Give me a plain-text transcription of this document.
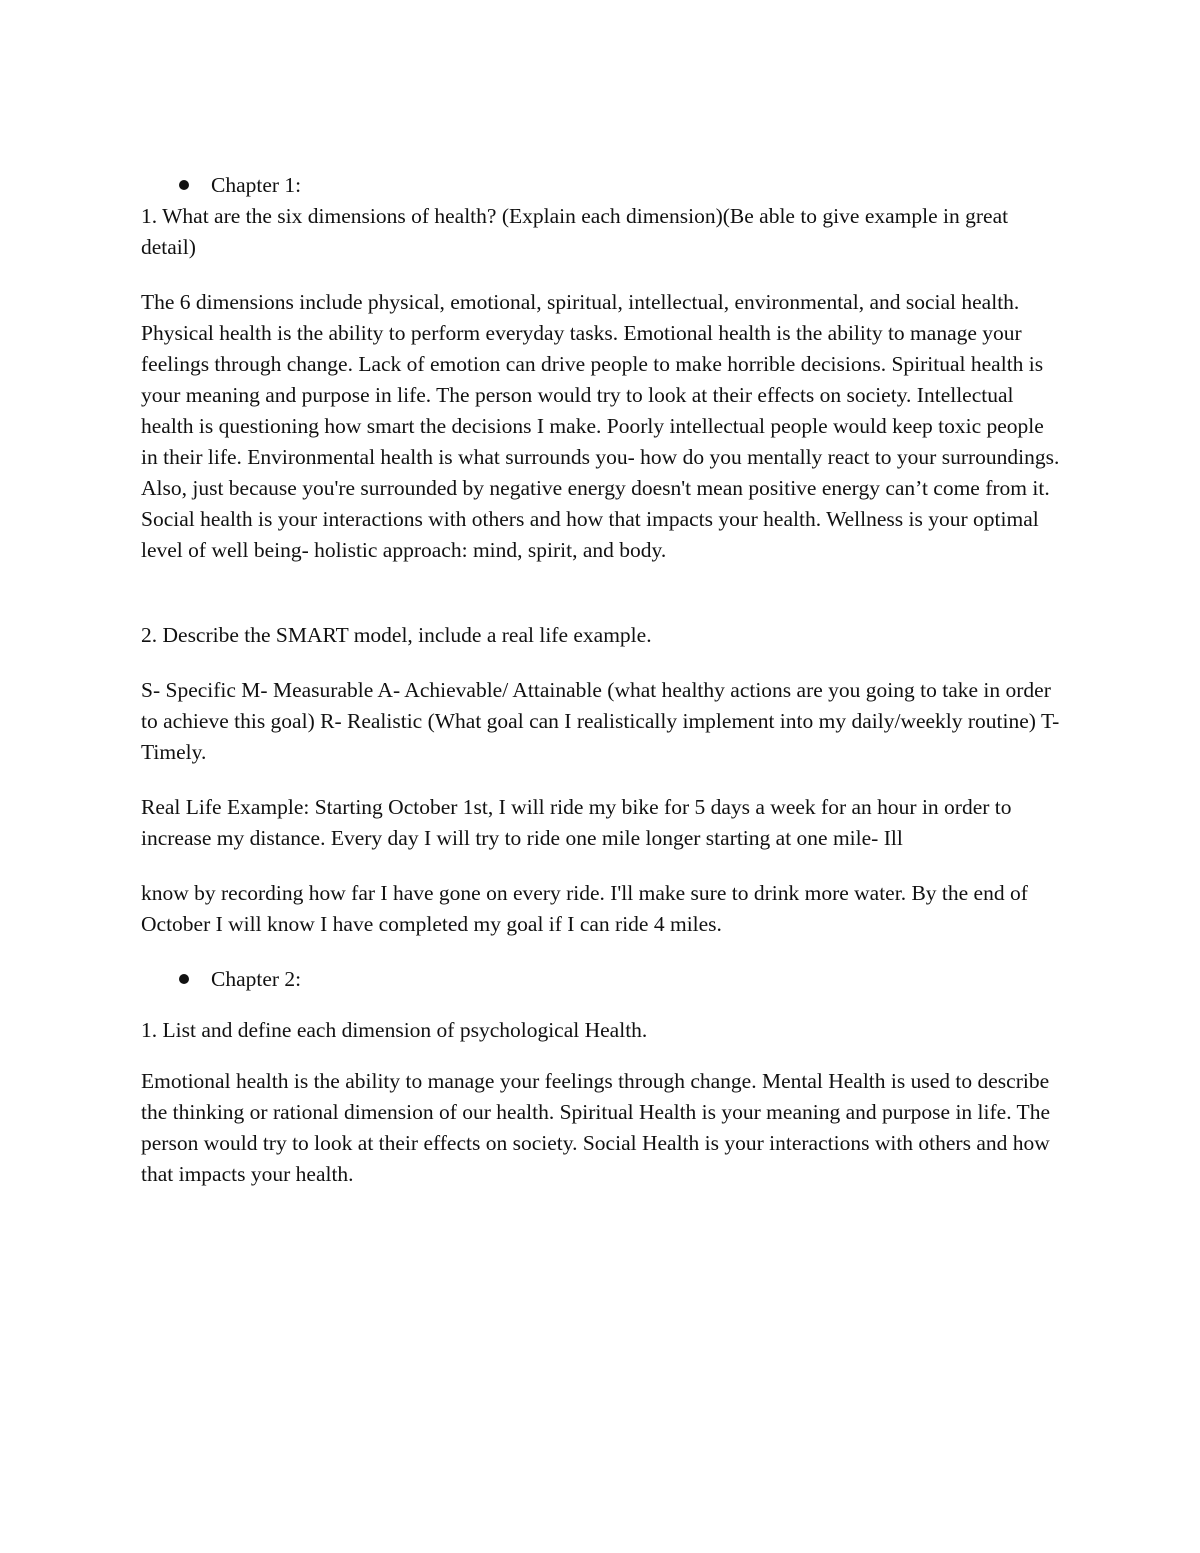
Chapter 1:

1. What are the six dimensions of health? (Explain each dimension)(Be able to give example in great detail)

The 6 dimensions include physical, emotional, spiritual, intellectual, environmental, and social health. Physical health is the ability to perform everyday tasks. Emotional health is the ability to manage your feelings through change. Lack of emotion can drive people to make horrible decisions. Spiritual health is your meaning and purpose in life. The person would try to look at their effects on society. Intellectual health is questioning how smart the decisions I make. Poorly intellectual people would keep toxic people in their life. Environmental health is what surrounds you- how do you mentally react to your surroundings. Also, just because you're surrounded by negative energy doesn't mean positive energy can’t come from it. Social health is your interactions with others and how that impacts your health. Wellness is your optimal level of well being- holistic approach: mind, spirit, and body.

2. Describe the SMART model, include a real life example.

S- Specific M- Measurable A- Achievable/ Attainable (what healthy actions are you going to take in order to achieve this goal) R- Realistic (What goal can I realistically implement into my daily/weekly routine) T- Timely.

Real Life Example: Starting October 1st, I will ride my bike for 5 days a week for an hour in order to increase my distance. Every day I will try to ride one mile longer starting at one mile- Ill

know by recording how far I have gone on every ride. I'll make sure to drink more water. By the end of October I will know I have completed my goal if I can ride 4 miles.

Chapter 2:

1. List and define each dimension of psychological Health.

Emotional health is the ability to manage your feelings through change. Mental Health is used to describe the thinking or rational dimension of our health. Spiritual Health is your meaning and purpose in life. The person would try to look at their effects on society. Social Health is your interactions with others and how that impacts your health.
